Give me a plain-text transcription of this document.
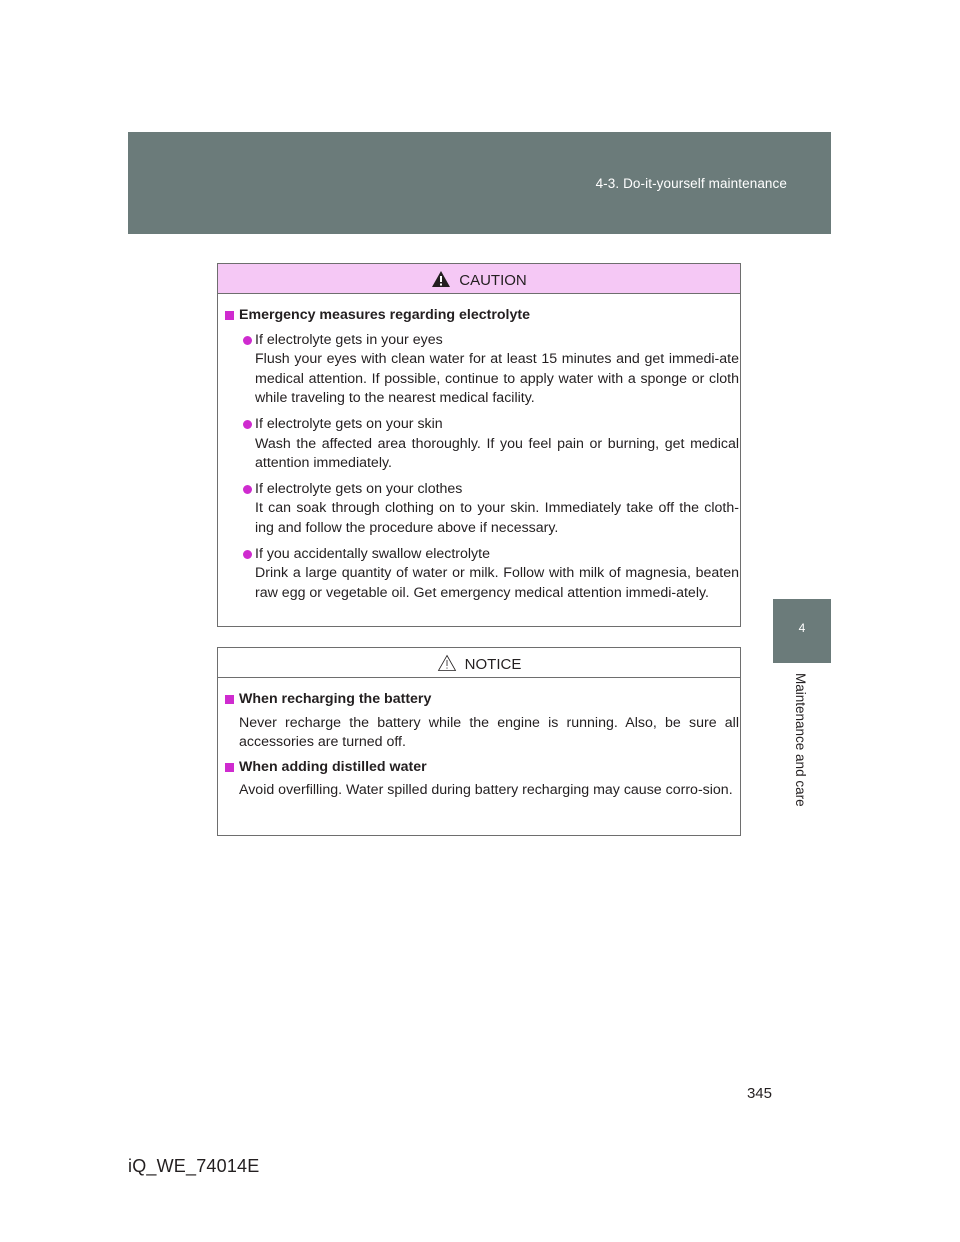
4-3. Do-it-yourself maintenance
4
Maintenance and care
CAUTION
Emergency measures regarding electrolyte
If electrolyte gets in your eyes
Flush your eyes with clean water for at least 15 minutes and get immedi-ate medical attention. If possible, continue to apply water with a sponge or cloth while traveling to the nearest medical facility.
If electrolyte gets on your skin
Wash the affected area thoroughly. If you feel pain or burning, get medical attention immediately.
If electrolyte gets on your clothes
It can soak through clothing on to your skin. Immediately take off the cloth-ing and follow the procedure above if necessary.
If you accidentally swallow electrolyte
Drink a large quantity of water or milk. Follow with milk of magnesia, beaten raw egg or vegetable oil. Get emergency medical attention immedi-ately.
NOTICE
When recharging the battery
Never recharge the battery while the engine is running. Also, be sure all accessories are turned off.
When adding distilled water
Avoid overfilling. Water spilled during battery recharging may cause corro-sion.
345
iQ_WE_74014E
